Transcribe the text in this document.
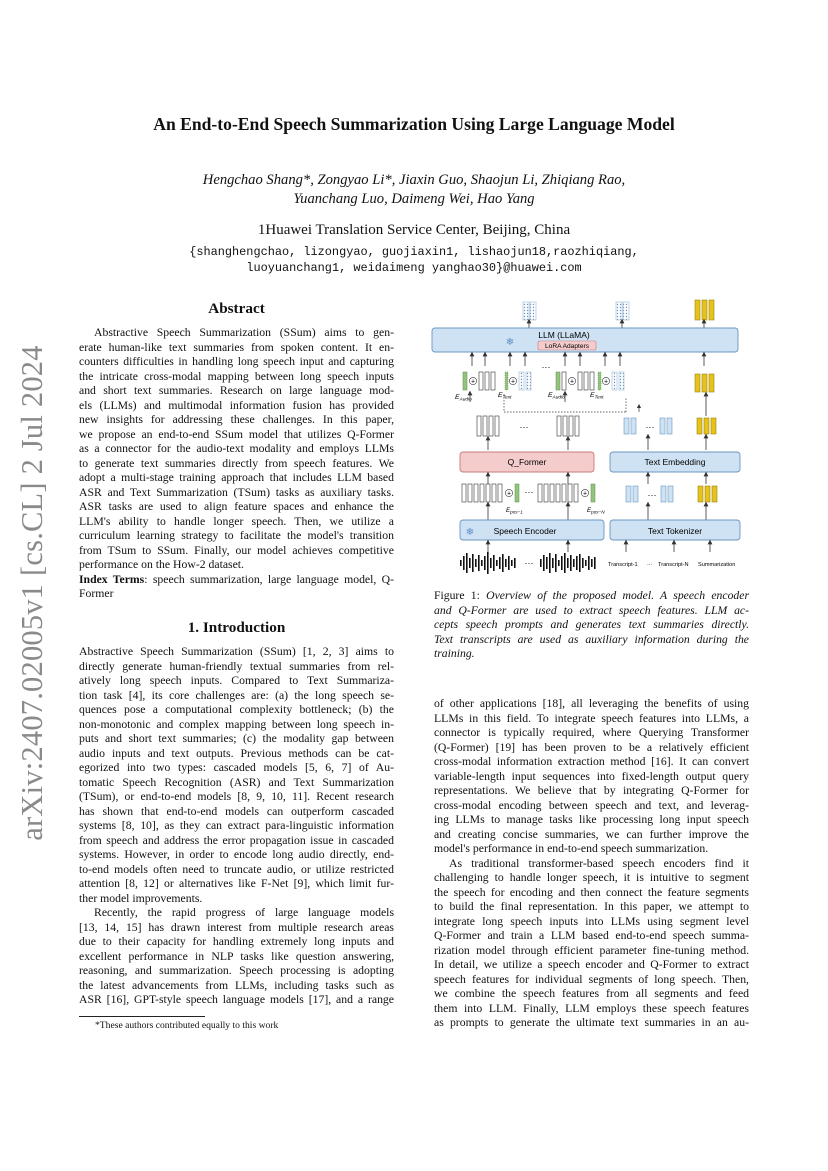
arXiv:2407.02005v1 [cs.CL] 2 Jul 2024
An End-to-End Speech Summarization Using Large Language Model
Hengchao Shang*, Zongyao Li*, Jiaxin Guo, Shaojun Li, Zhiqiang Rao,
Yuanchang Luo, Daimeng Wei, Hao Yang
1Huawei Translation Service Center, Beijing, China
{shanghengchao, lizongyao, guojiaxin1, lishaojun18,raozhiqiang,
luoyuanchang1, weidaimeng yanghao30}@huawei.com
Abstract
Abstractive Speech Summarization (SSum) aims to gen-
erate human-like text summaries from spoken content. It en-
counters difficulties in handling long speech input and capturing
the intricate cross-modal mapping between long speech inputs
and short text summaries. Research on large language mod-
els (LLMs) and multimodal information fusion has provided
new insights for addressing these challenges. In this paper,
we propose an end-to-end SSum model that utilizes Q-Former
as a connector for the audio-text modality and employs LLMs
to generate text summaries directly from speech features. We
adopt a multi-stage training approach that includes LLM based
ASR and Text Summarization (TSum) tasks as auxiliary tasks.
ASR tasks are used to align feature spaces and enhance the
LLM's ability to handle longer speech. Then, we utilize a
curriculum learning strategy to facilitate the model's transition
from TSum to SSum. Finally, our model achieves competitive
performance on the How-2 dataset.
Index Terms: speech summarization, large language model, Q-
Former
1. Introduction
Abstractive Speech Summarization (SSum) [1, 2, 3] aims to
directly generate human-friendly textual summaries from rel-
atively long speech inputs. Compared to Text Summariza-
tion task [4], its core challenges are: (a) the long speech se-
quences pose a computational complexity bottleneck; (b) the
non-monotonic and complex mapping between long speech in-
puts and short text summaries; (c) the modality gap between
audio inputs and text outputs. Previous methods can be cat-
egorized into two types: cascaded models [5, 6, 7] of Au-
tomatic Speech Recognition (ASR) and Text Summarization
(TSum), or end-to-end models [8, 9, 10, 11]. Recent research
has shown that end-to-end models can outperform cascaded
systems [8, 10], as they can extract para-linguistic information
from speech and address the error propagation issue in cascaded
systems. However, in order to encode long audio directly, end-
to-end models often need to truncate audio, or utilize restricted
attention [8, 12] or alternatives like F-Net [9], which limit fur-
ther model improvements.
Recently, the rapid progress of large language models
[13, 14, 15] has drawn interest from multiple research areas
due to their capacity for handling extremely long inputs and
excellent performance in NLP tasks like question answering,
reasoning, and summarization. Speech processing is adopting
the latest advancements from LLMs, including tasks such as
ASR [16], GPT-style speech language models [17], and a range
*These authors contributed equally to this work
LLM (LLaMA)
LoRA Adapters
❄
+	+
···
+	+
$E_{Audio}$
$E_{Text}$	$E_{Audio}$	$E_{Text}$
···	···
Q_Former	Text Embedding
+ ···	+	···
$E_{pos-1}$	$E_{pos-N}$
❄ Speech Encoder	Text Tokenizer
···	Transcript-1 ··· Transcript-N Summarization
Figure 1: Overview of the proposed model. A speech encoder
and Q-Former are used to extract speech features. LLM ac-
cepts speech prompts and generates text summaries directly.
Text transcripts are used as auxiliary information during the
training.
of other applications [18], all leveraging the benefits of using
LLMs in this field. To integrate speech features into LLMs, a
connector is typically required, where Querying Transformer
(Q-Former) [19] has been proven to be a relatively efficient
cross-modal information extraction method [16]. It can convert
variable-length input sequences into fixed-length output query
representations. We believe that by integrating Q-Former for
cross-modal encoding between speech and text, and leverag-
ing LLMs to manage tasks like processing long input speech
and creating concise summaries, we can further improve the
model's performance in end-to-end speech summarization.
As traditional transformer-based speech encoders find it
challenging to handle longer speech, it is intuitive to segment
the speech for encoding and then connect the feature segments
to build the final representation. In this paper, we attempt to
integrate long speech inputs into LLMs using segment level
Q-Former and train a LLM based end-to-end speech summa-
rization model through efficient parameter fine-tuning method.
In detail, we utilize a speech encoder and Q-Former to extract
speech features for individual segments of long speech. Then,
we combine the speech features from all segments and feed
them into LLM. Finally, LLM employs these speech features
as prompts to generate the ultimate text summaries in an au-
